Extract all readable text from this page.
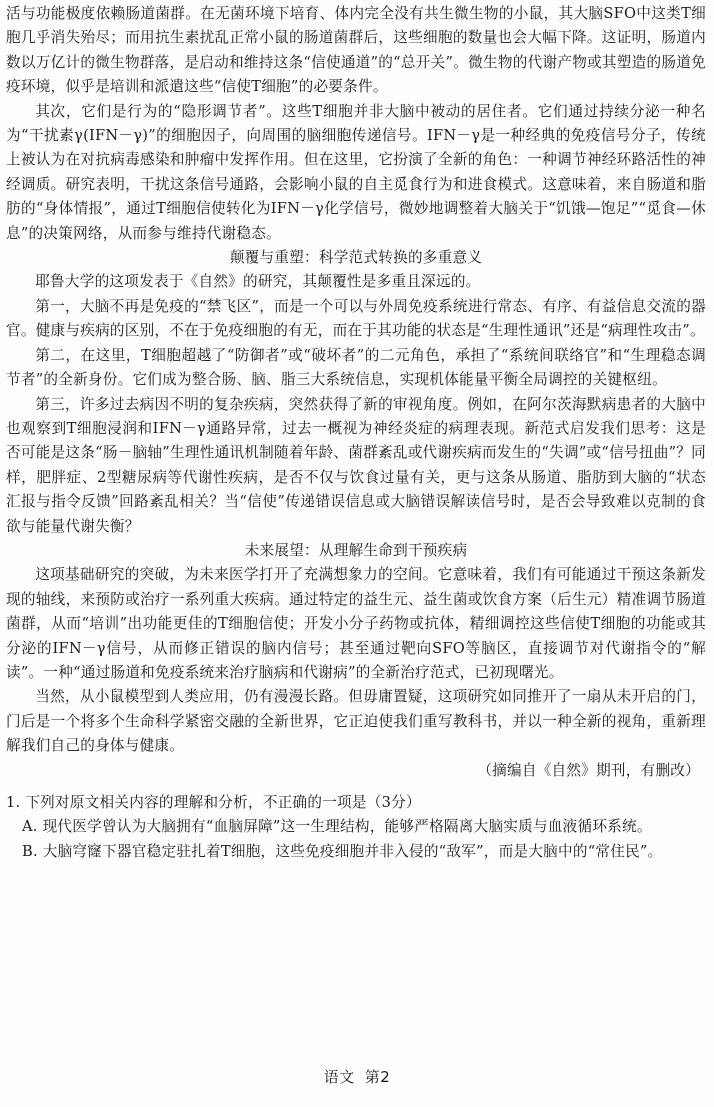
活与功能极度依赖肠道菌群。在无菌环境下培育、体内完全没有共生微生物的小鼠，其大脑SFO中这类T细胞几乎消失殆尽；而用抗生素扰乱正常小鼠的肠道菌群后，这些细胞的数量也会大幅下降。这证明，肠道内数以万亿计的微生物群落，是启动和维持这条“信使通道”的“总开关”。微生物的代谢产物或其塑造的肠道免疫环境，似乎是培训和派遣这些“信使T细胞”的必要条件。

其次，它们是行为的“隐形调节者”。这些T细胞并非大脑中被动的居住者。它们通过持续分泌一种名为“干扰素γ(IFN－γ)”的细胞因子，向周围的脑细胞传递信号。IFN－γ是一种经典的免疫信号分子，传统上被认为在对抗病毒感染和肿瘤中发挥作用。但在这里，它扮演了全新的角色：一种调节神经环路活性的神经调质。研究表明，干扰这条信号通路，会影响小鼠的自主觅食行为和进食模式。这意味着，来自肠道和脂肪的“身体情报”，通过T细胞信使转化为IFN－γ化学信号，微妙地调整着大脑关于“饥饿—饱足”“觅食—休息”的决策网络，从而参与维持代谢稳态。

颠覆与重塑：科学范式转换的多重意义

耶鲁大学的这项发表于《自然》的研究，其颠覆性是多重且深远的。

第一，大脑不再是免疫的“禁飞区”，而是一个可以与外周免疫系统进行常态、有序、有益信息交流的器官。健康与疾病的区别，不在于免疫细胞的有无，而在于其功能的状态是“生理性通讯”还是“病理性攻击”。

第二，在这里，T细胞超越了“防御者”或“破坏者”的二元角色，承担了“系统间联络官”和“生理稳态调节者”的全新身份。它们成为整合肠、脑、脂三大系统信息，实现机体能量平衡全局调控的关键枢纽。

第三，许多过去病因不明的复杂疾病，突然获得了新的审视角度。例如，在阿尔茨海默病患者的大脑中也观察到T细胞浸润和IFN－γ通路异常，过去一概视为神经炎症的病理表现。新范式启发我们思考：这是否可能是这条“肠－脑轴”生理性通讯机制随着年龄、菌群紊乱或代谢疾病而发生的“失调”或“信号扭曲”？同样，肥胖症、2型糖尿病等代谢性疾病，是否不仅与饮食过量有关，更与这条从肠道、脂肪到大脑的“状态汇报与指令反馈”回路紊乱相关？当“信使”传递错误信息或大脑错误解读信号时，是否会导致难以克制的食欲与能量代谢失衡？

未来展望：从理解生命到干预疾病

这项基础研究的突破，为未来医学打开了充满想象力的空间。它意味着，我们有可能通过干预这条新发现的轴线，来预防或治疗一系列重大疾病。通过特定的益生元、益生菌或饮食方案（后生元）精准调节肠道菌群，从而“培训”出功能更佳的T细胞信使；开发小分子药物或抗体，精细调控这些信使T细胞的功能或其分泌的IFN－γ信号，从而修正错误的脑内信号；甚至通过靶向SFO等脑区，直接调节对代谢指令的“解读”。一种“通过肠道和免疫系统来治疗脑病和代谢病”的全新治疗范式，已初现曙光。

当然，从小鼠模型到人类应用，仍有漫漫长路。但毋庸置疑，这项研究如同推开了一扇从未开启的门，门后是一个将多个生命科学紧密交融的全新世界，它正迫使我们重写教科书，并以一种全新的视角，重新理解我们自己的身体与健康。

（摘编自《自然》期刊，有删改）

1. 下列对原文相关内容的理解和分析，不正确的一项是（3分）

A. 现代医学曾认为大脑拥有“血脑屏障”这一生理结构，能够严格隔离大脑实质与血液循环系统。

B. 大脑穹窿下器官稳定驻扎着T细胞，这些免疫细胞并非入侵的“敌军”，而是大脑中的“常住民”。

语文 第2
